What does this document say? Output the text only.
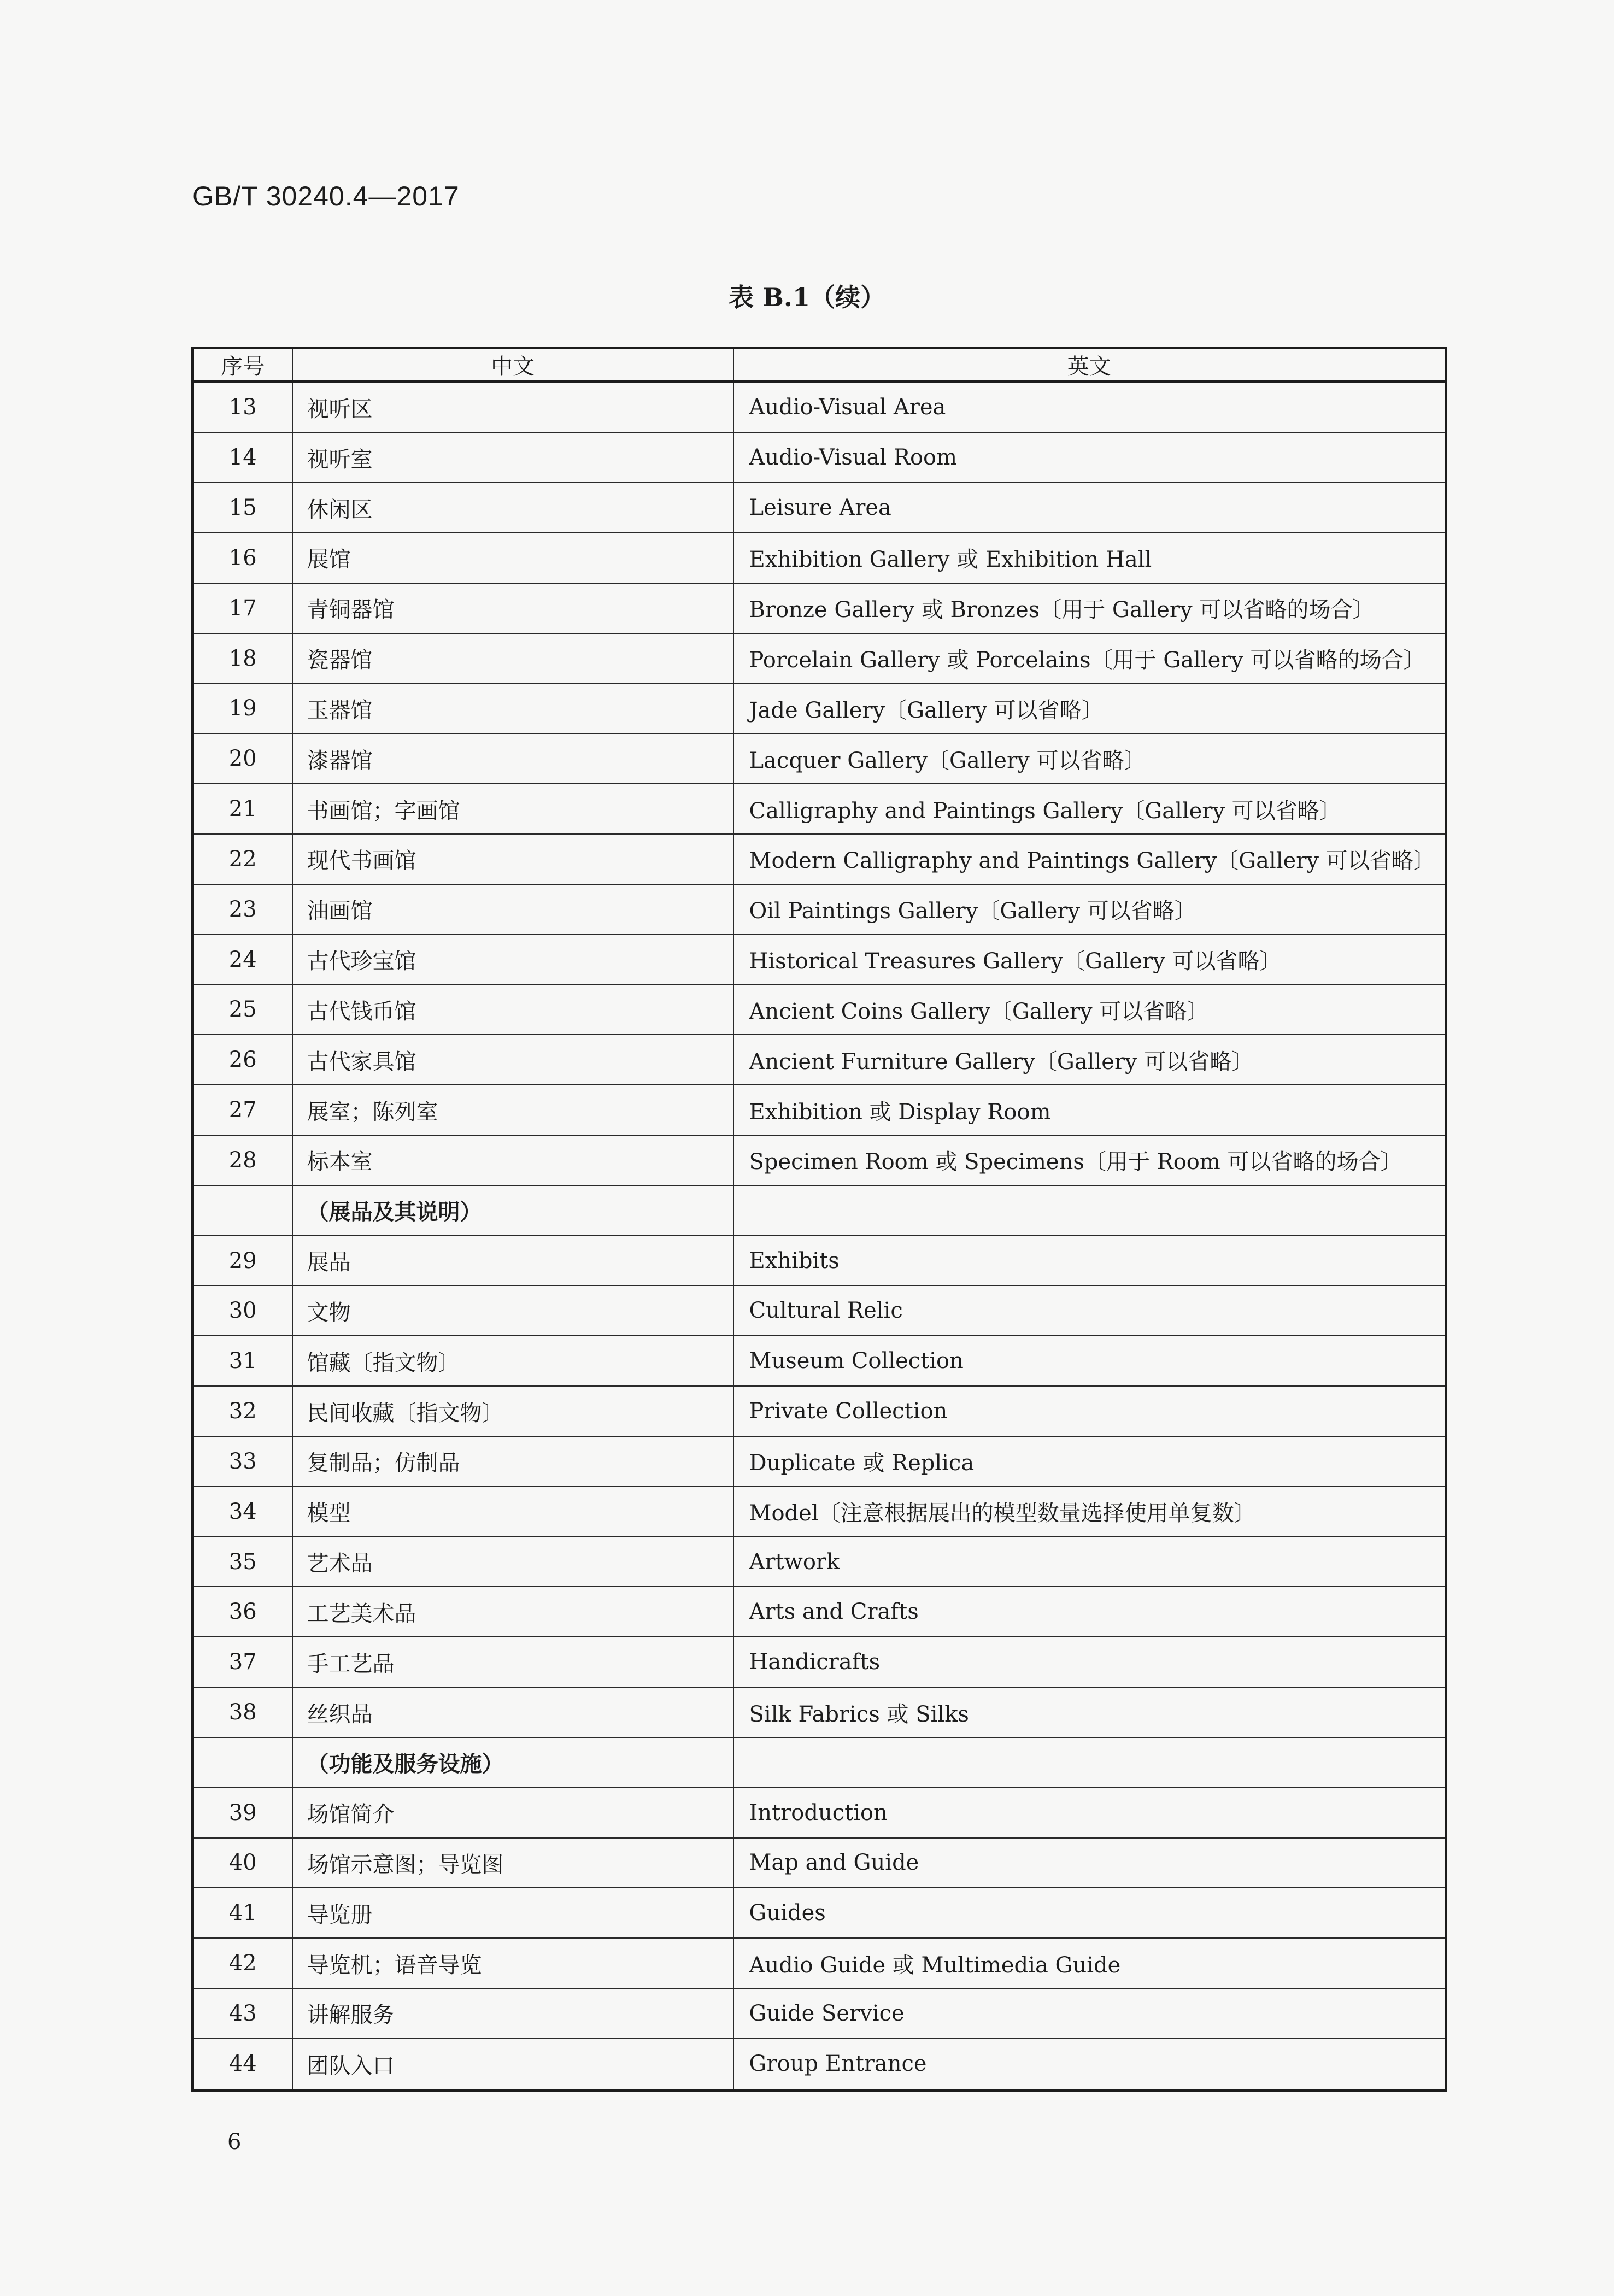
GB/T 30240.4—2017
表 B.1（续）
序号	中文	英文
13	视听区	Audio-Visual Area
14	视听室	Audio-Visual Room
15	休闲区	Leisure Area
16	展馆	Exhibition Gallery 或 Exhibition Hall
17	青铜器馆	Bronze Gallery 或 Bronzes〔用于 Gallery 可以省略的场合〕
18	瓷器馆	Porcelain Gallery 或 Porcelains〔用于 Gallery 可以省略的场合〕
19	玉器馆	Jade Gallery〔Gallery 可以省略〕
20	漆器馆	Lacquer Gallery〔Gallery 可以省略〕
21	书画馆；字画馆	Calligraphy and Paintings Gallery〔Gallery 可以省略〕
22	现代书画馆	Modern Calligraphy and Paintings Gallery〔Gallery 可以省略〕
23	油画馆	Oil Paintings Gallery〔Gallery 可以省略〕
24	古代珍宝馆	Historical Treasures Gallery〔Gallery 可以省略〕
25	古代钱币馆	Ancient Coins Gallery〔Gallery 可以省略〕
26	古代家具馆	Ancient Furniture Gallery〔Gallery 可以省略〕
27	展室；陈列室	Exhibition 或 Display Room
28	标本室	Specimen Room 或 Specimens〔用于 Room 可以省略的场合〕
	（展品及其说明）	
29	展品	Exhibits
30	文物	Cultural Relic
31	馆藏〔指文物〕	Museum Collection
32	民间收藏〔指文物〕	Private Collection
33	复制品；仿制品	Duplicate 或 Replica
34	模型	Model〔注意根据展出的模型数量选择使用单复数〕
35	艺术品	Artwork
36	工艺美术品	Arts and Crafts
37	手工艺品	Handicrafts
38	丝织品	Silk Fabrics 或 Silks
	（功能及服务设施）	
39	场馆简介	Introduction
40	场馆示意图；导览图	Map and Guide
41	导览册	Guides
42	导览机；语音导览	Audio Guide 或 Multimedia Guide
43	讲解服务	Guide Service
44	团队入口	Group Entrance
6
